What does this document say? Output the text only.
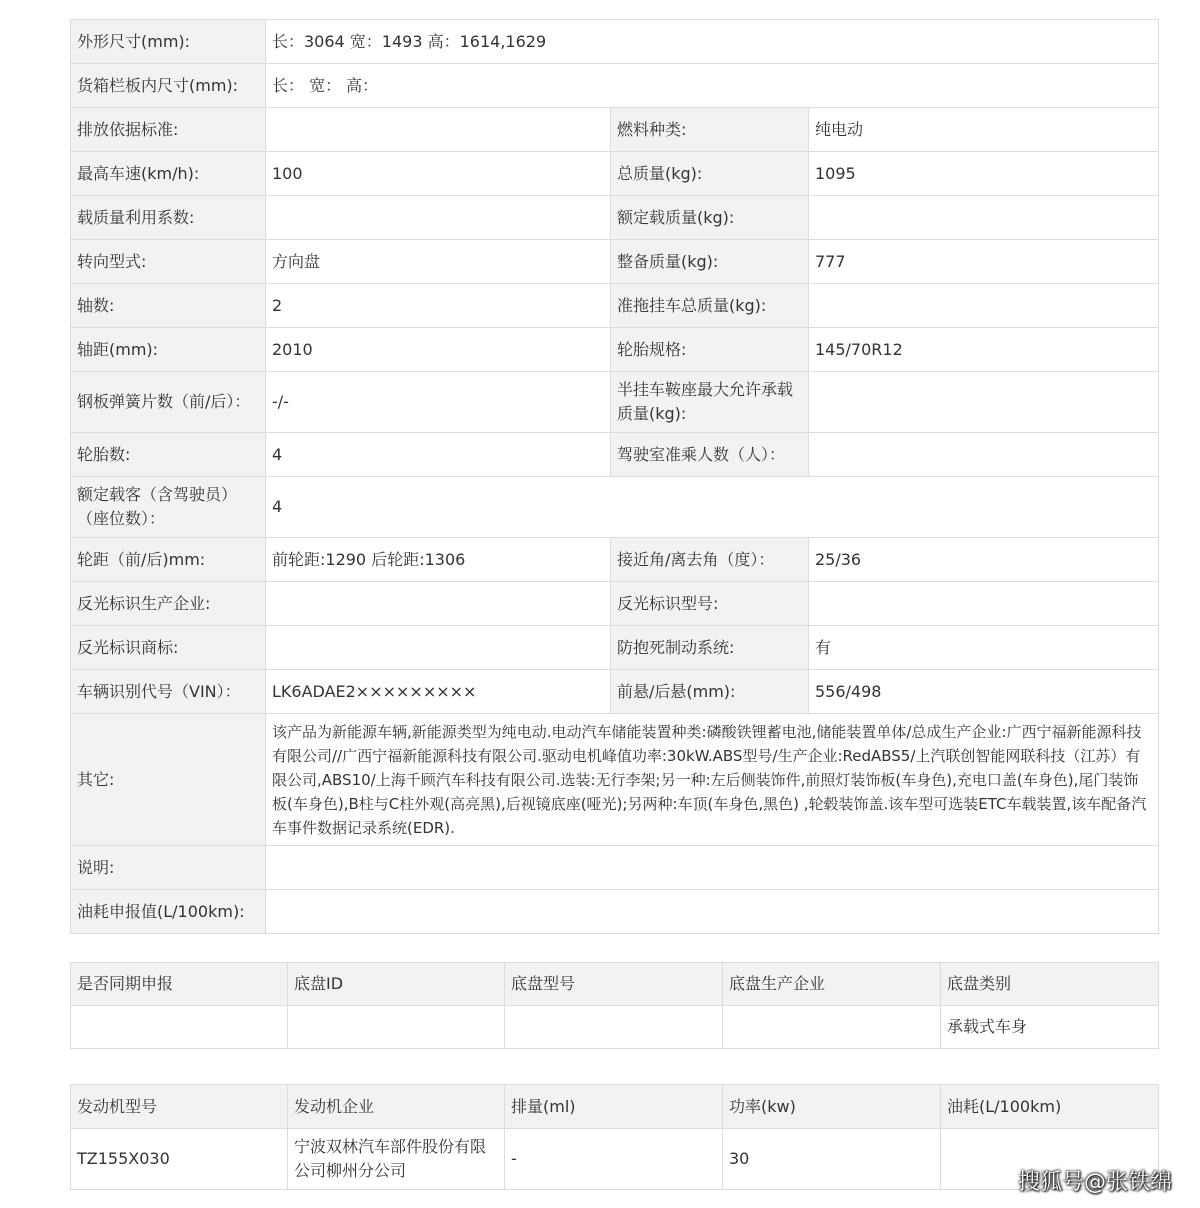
外形尺寸(mm):	长：3064 宽：1493 高：1614,1629		
货箱栏板内尺寸(mm):	长： 宽： 高：		
排放依据标准:		燃料种类:	纯电动
最高车速(km/h):	100	总质量(kg):	1095
载质量利用系数:		额定载质量(kg):	
转向型式:	方向盘	整备质量(kg):	777
轴数:	2	准拖挂车总质量(kg):	
轴距(mm):	2010	轮胎规格:	145/70R12
钢板弹簧片数（前/后）：	-/-	半挂车鞍座最大允许承载质量(kg):	
轮胎数:	4	驾驶室准乘人数（人）：	
额定载客（含驾驶员）（座位数）：	4		
轮距（前/后)mm:	前轮距:1290 后轮距:1306	接近角/离去角（度）：	25/36
反光标识生产企业:		反光标识型号:	
反光标识商标:		防抱死制动系统:	有
车辆识别代号（VIN）：	LK6ADAE2×××××××××	前悬/后悬(mm):	556/498
其它:	该产品为新能源车辆,新能源类型为纯电动.电动汽车储能装置种类:磷酸铁锂蓄电池,储能装置单体/总成生产企业:广西宁福新能源科技有限公司//广西宁福新能源科技有限公司.驱动电机峰值功率:30kW.ABS型号/生产企业:RedABS5/上汽联创智能网联科技（江苏）有限公司,ABS10/上海千顾汽车科技有限公司.选装:无行李架;另一种:左后侧装饰件,前照灯装饰板(车身色),充电口盖(车身色),尾门装饰板(车身色),B柱与C柱外观(高亮黑),后视镜底座(哑光);另两种:车顶(车身色,黑色) ,轮毂装饰盖.该车型可选装ETC车载装置,该车配备汽车事件数据记录系统(EDR).		
说明:			
油耗申报值(L/100km):			
是否同期申报	底盘ID	底盘型号	底盘生产企业	底盘类别
				承载式车身
发动机型号	发动机企业	排量(ml)	功率(kw)	油耗(L/100km)
TZ155X030	宁波双林汽车部件股份有限公司柳州分公司	-	30	
搜狐号@张铁绵
